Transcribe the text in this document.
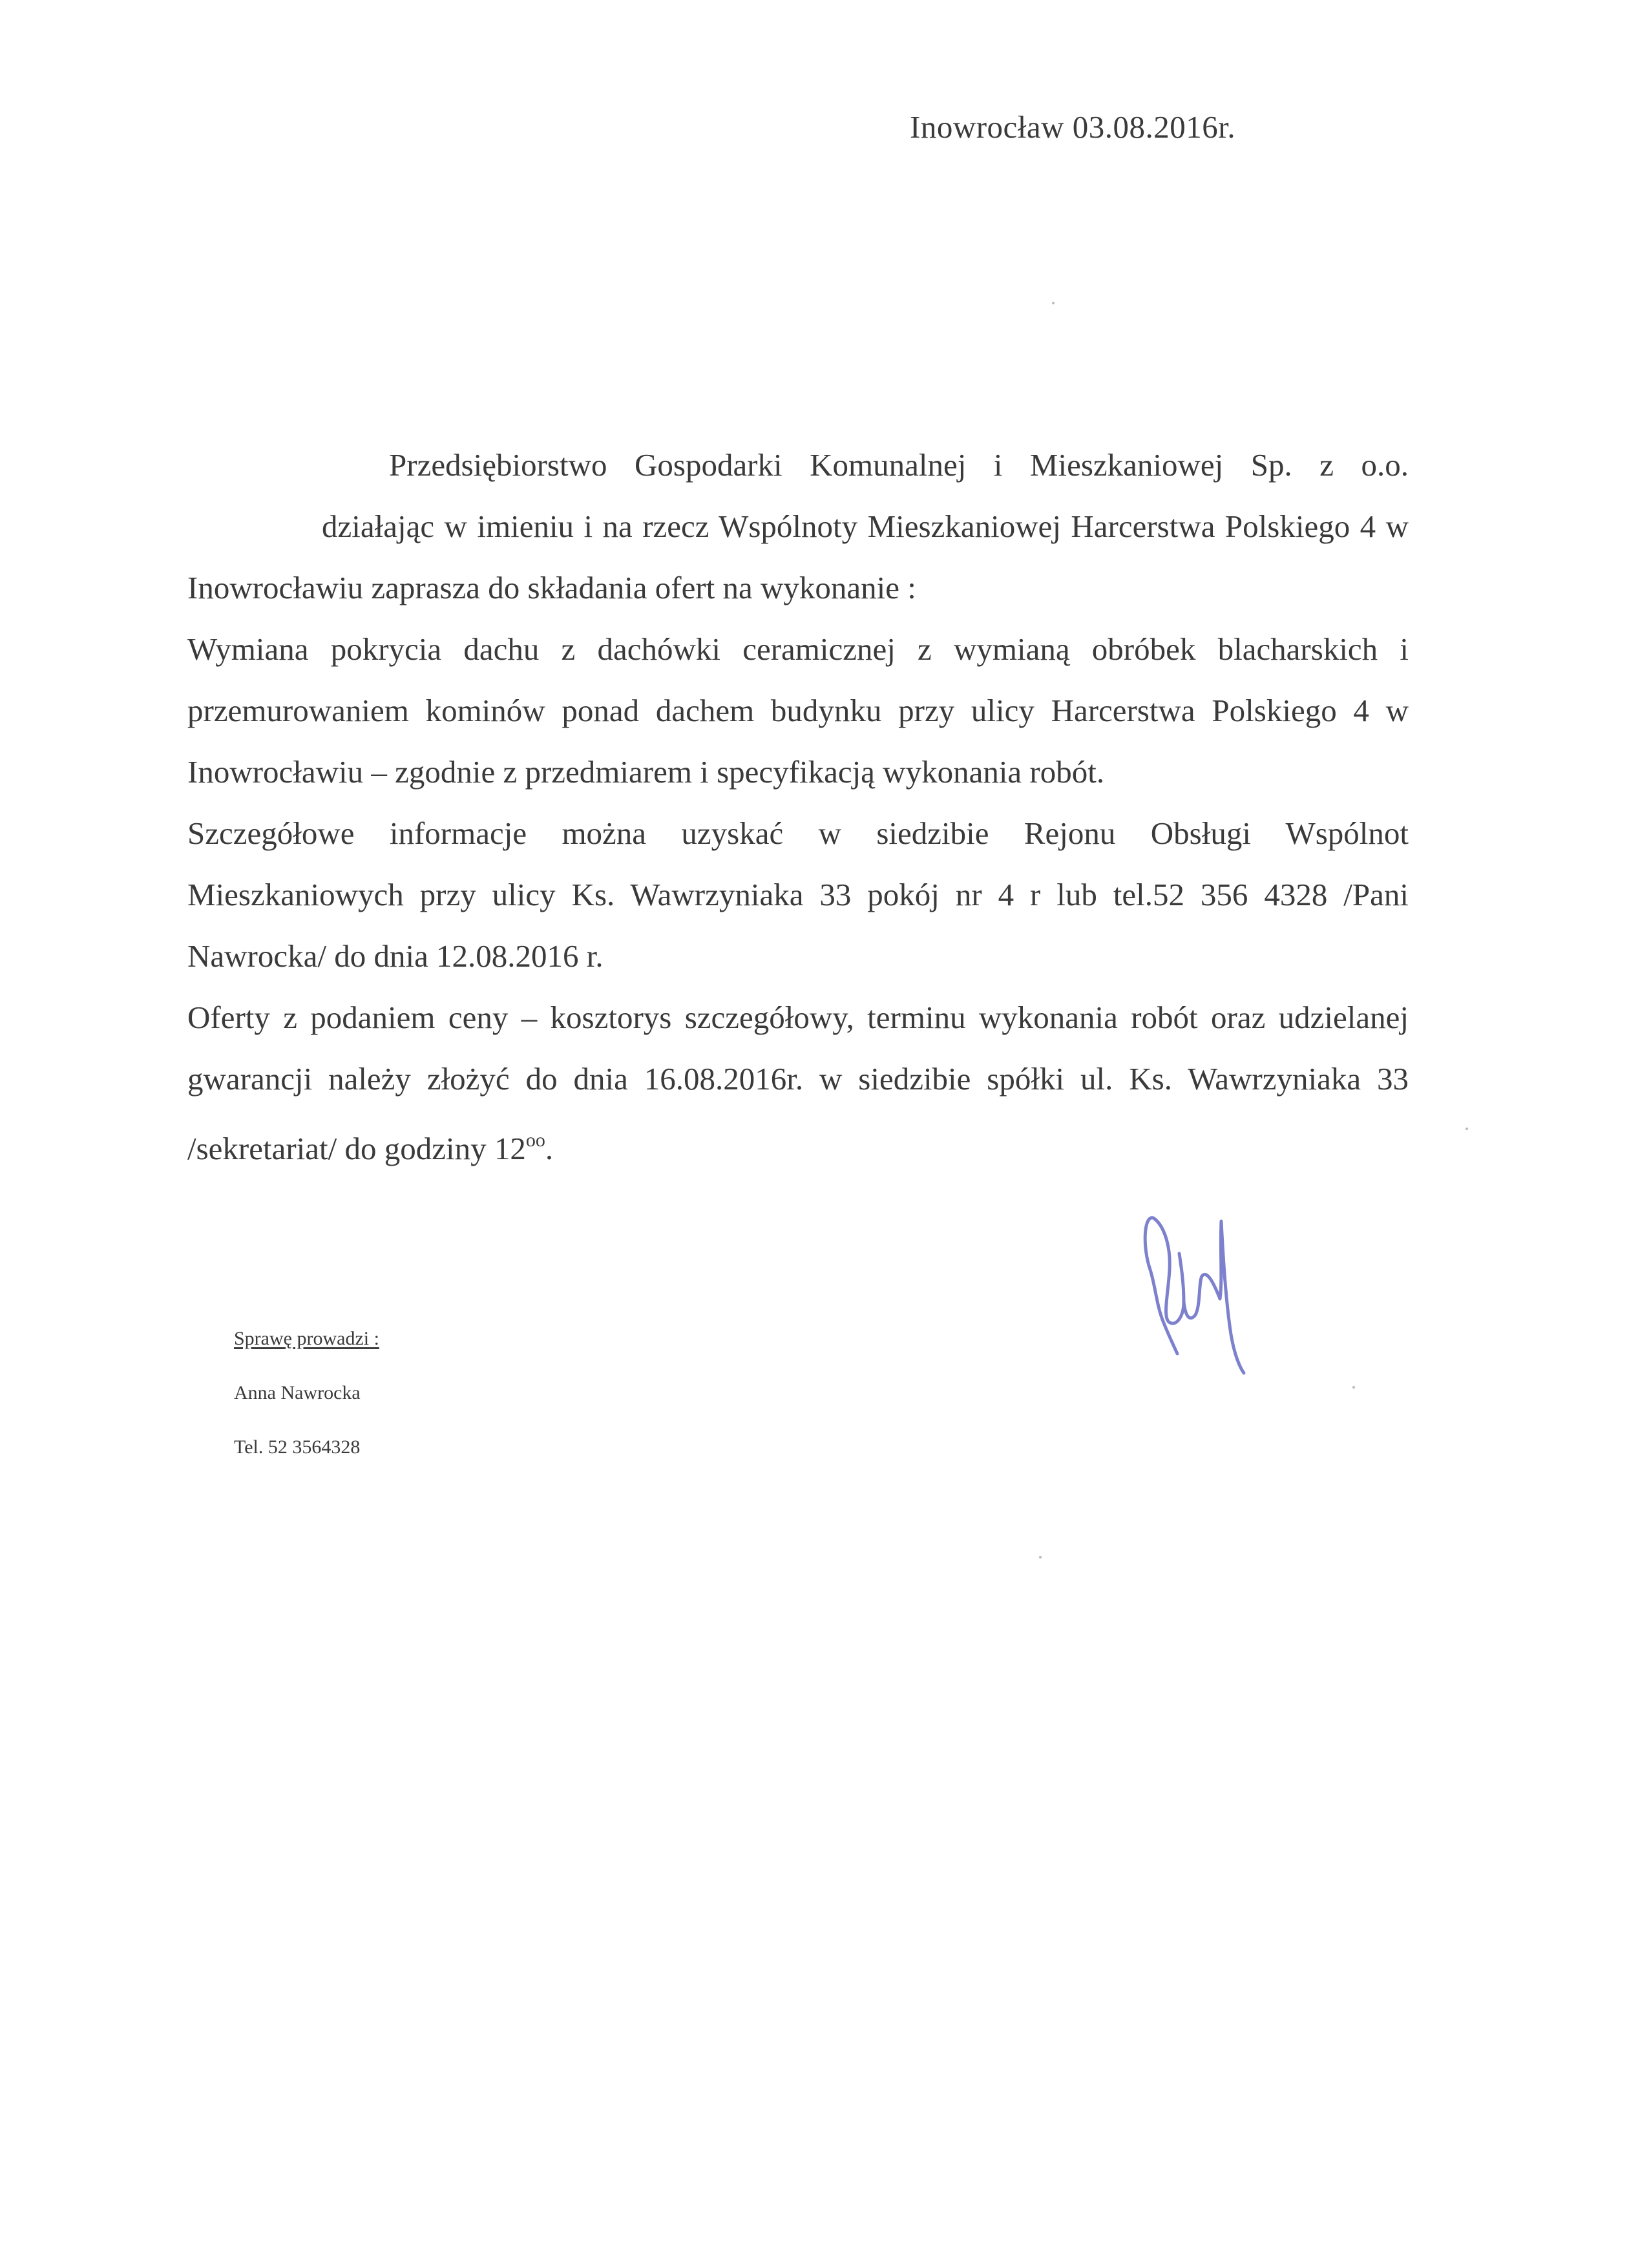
Inowrocław 03.08.2016r.
Przedsiębiorstwo Gospodarki Komunalnej i Mieszkaniowej Sp. z o.o.
działając w imieniu i na rzecz Wspólnoty Mieszkaniowej Harcerstwa Polskiego 4 w
Inowrocławiu zaprasza do składania ofert na wykonanie :
Wymiana pokrycia dachu z dachówki ceramicznej z wymianą obróbek blacharskich i
przemurowaniem kominów ponad dachem budynku przy ulicy Harcerstwa Polskiego 4 w
Inowrocławiu – zgodnie z przedmiarem i specyfikacją wykonania robót.
Szczegółowe informacje można uzyskać w siedzibie Rejonu Obsługi Wspólnot
Mieszkaniowych przy ulicy Ks. Wawrzyniaka 33 pokój nr 4 r lub tel.52 356 4328 /Pani
Nawrocka/ do dnia 12.08.2016 r.
Oferty z podaniem ceny – kosztorys szczegółowy, terminu wykonania robót oraz udzielanej
gwarancji należy złożyć do dnia 16.08.2016r. w siedzibie spółki ul. Ks. Wawrzyniaka 33
/sekretariat/ do godziny $12^{oo}$.
Sprawę prowadzi :
Anna Nawrocka
Tel. 52 3564328
